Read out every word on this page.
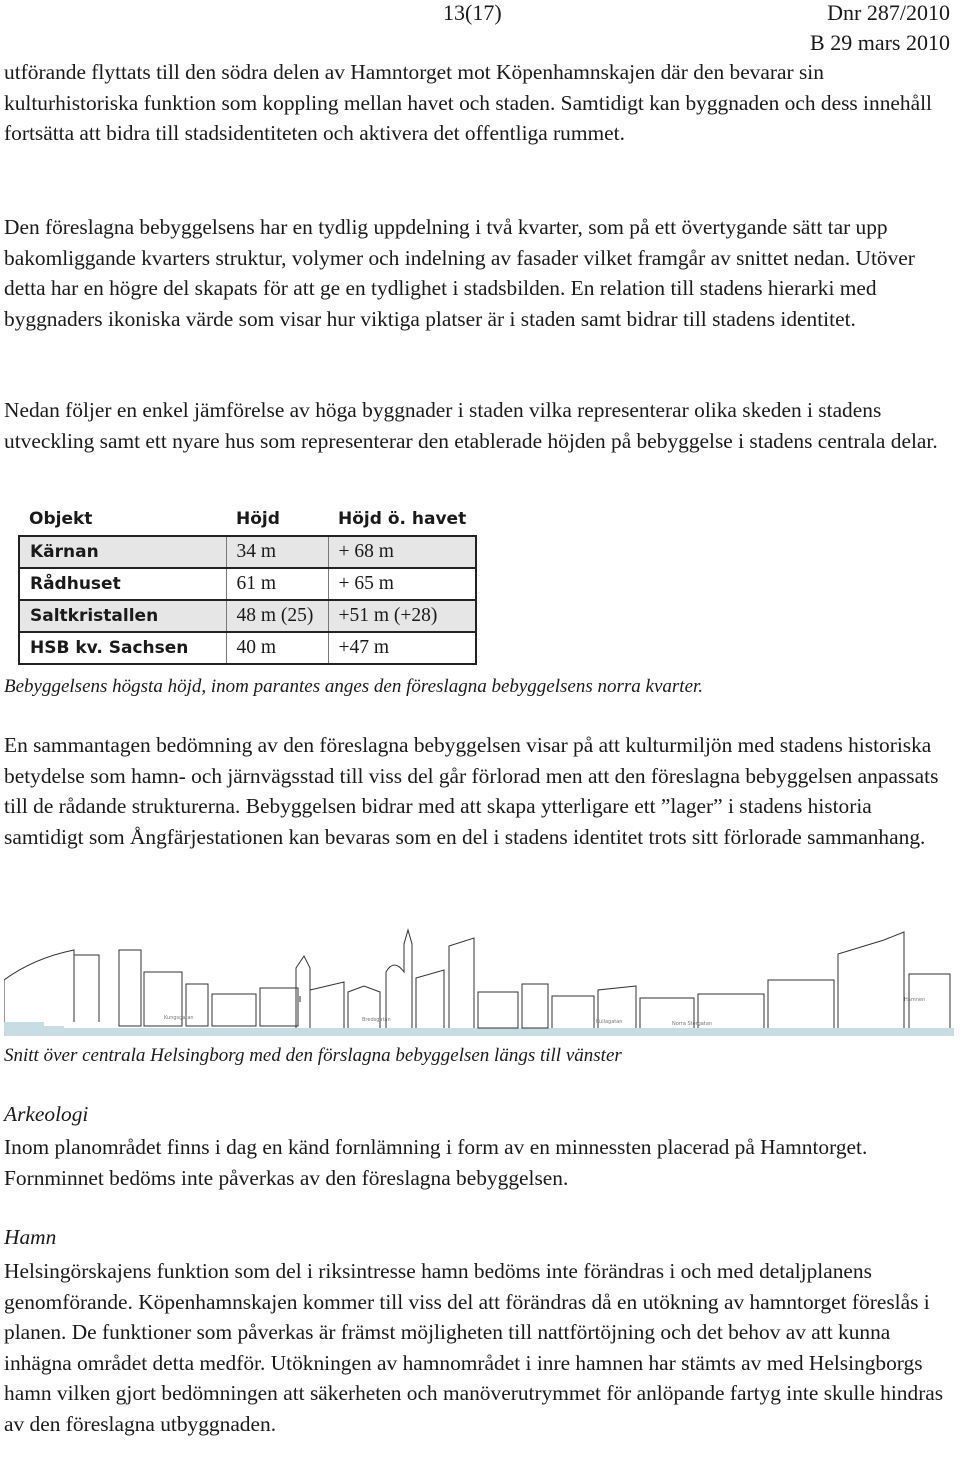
13(17)	Dnr 287/2010
B 29 mars 2010

utförande flyttats till den södra delen av Hamntorget mot Köpenhamnskajen där den bevarar sin kulturhistoriska funktion som koppling mellan havet och staden. Samtidigt kan byggnaden och dess innehåll fortsätta att bidra till stadsidentiteten och aktivera det offentliga rummet.

Den föreslagna bebyggelsens har en tydlig uppdelning i två kvarter, som på ett övertygande sätt tar upp bakomliggande kvarters struktur, volymer och indelning av fasader vilket framgår av snittet nedan. Utöver detta har en högre del skapats för att ge en tydlighet i stadsbilden. En relation till stadens hierarki med byggnaders ikoniska värde som visar hur viktiga platser är i staden samt bidrar till stadens identitet.

Nedan följer en enkel jämförelse av höga byggnader i staden vilka representerar olika skeden i stadens utveckling samt ett nyare hus som representerar den etablerade höjden på bebyggelse i stadens centrala delar.

Objekt	Höjd	Höjd ö. havet
Kärnan	34 m	+ 68 m
Rådhuset	61 m	+ 65 m
Saltkristallen	48 m (25)	+51 m (+28)
HSB kv. Sachsen	40 m	+47 m

Bebyggelsens högsta höjd, inom parantes anges den föreslagna bebyggelsens norra kvarter.

En sammantagen bedömning av den föreslagna bebyggelsen visar på att kulturmiljön med stadens historiska betydelse som hamn- och järnvägsstad till viss del går förlorad men att den föreslagna bebyggelsen anpassats till de rådande strukturerna. Bebyggelsen bidrar med att skapa ytterligare ett ”lager” i stadens historia samtidigt som Ångfärjestationen kan bevaras som en del i stadens identitet trots sitt förlorade sammanhang.

Kungsgatan	Bredsgatan	Kullagatan	Norra Storgatan
Hamnen

Snitt över centrala Helsingborg med den förslagna bebyggelsen längs till vänster

Arkeologi

Inom planområdet finns i dag en känd fornlämning i form av en minnessten placerad på Hamntorget. Fornminnet bedöms inte påverkas av den föreslagna bebyggelsen.

Hamn

Helsingörskajens funktion som del i riksintresse hamn bedöms inte förändras i och med detaljplanens genomförande. Köpenhamnskajen kommer till viss del att förändras då en utökning av hamntorget föreslås i planen. De funktioner som påverkas är främst möjligheten till nattförtöjning och det behov av att kunna inhägna området detta medför. Utökningen av hamnområdet i inre hamnen har stämts av med Helsingborgs hamn vilken gjort bedömningen att säkerheten och manöverutrymmet för anlöpande fartyg inte skulle hindras av den föreslagna utbyggnaden.
